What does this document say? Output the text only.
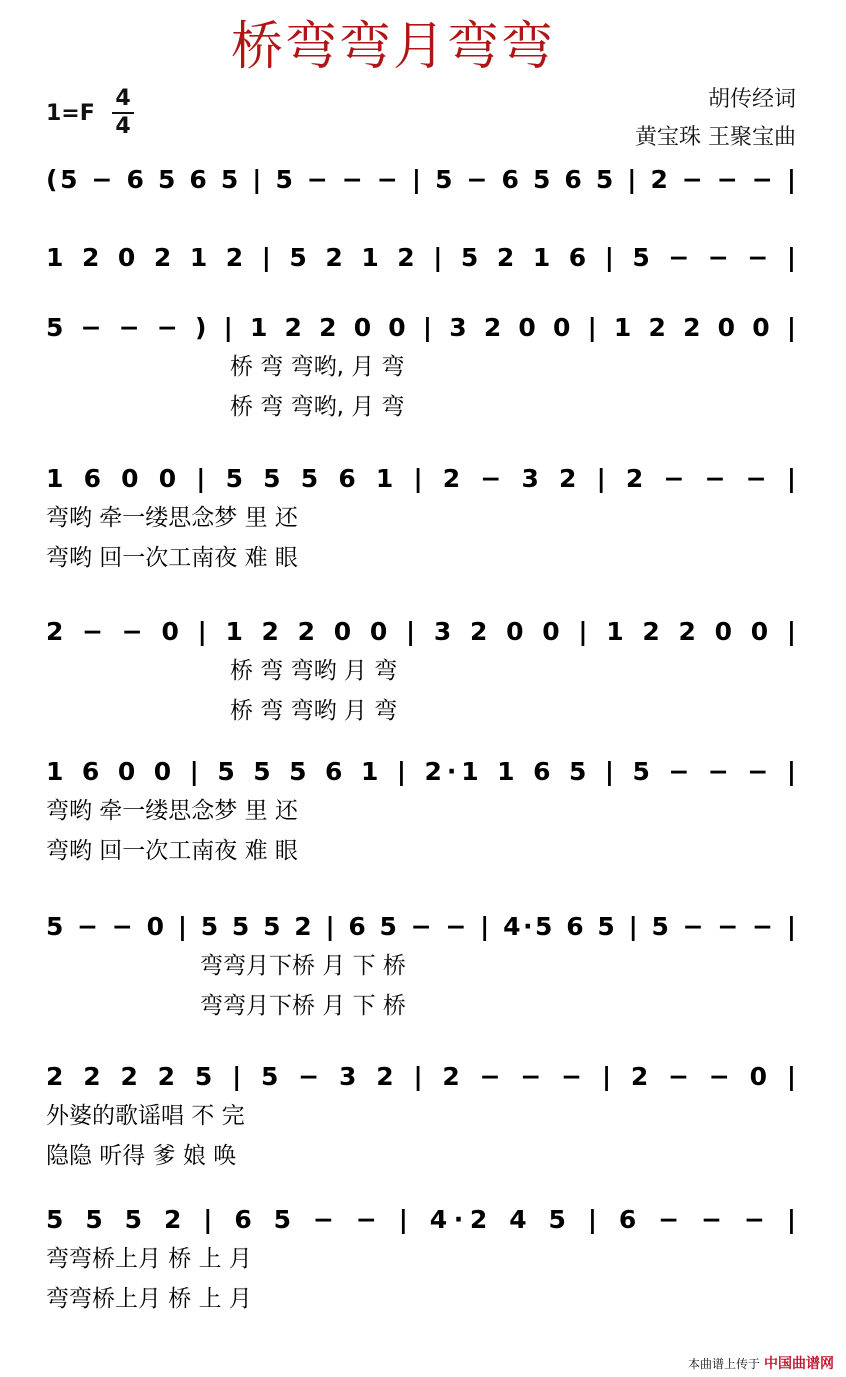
桥弯弯月弯弯
1=F
4
4
胡传经词
黄宝珠 王聚宝曲
(5 − 6 5 6 5 | 5 − − − | 5 − 6 5 6 5 | 2 − − − |
1 2 0 2 1 2 | 5 2 1 2 | 5 2 1 6 | 5 − − − |
5 − − − ) | 1 2 2 0 0 | 3 2 0 0 | 1 2 2 0 0 |
桥 弯 弯哟, 月 弯
桥 弯 弯哟, 月 弯
1 6 0 0 | 5 5 5 6 1 | 2 − 3 2 | 2 − − − |
弯哟 牵一缕思念梦 里 还
弯哟 回一次工南夜 难 眼
2 − − 0 | 1 2 2 0 0 | 3 2 0 0 | 1 2 2 0 0 |
桥 弯 弯哟 月 弯
桥 弯 弯哟 月 弯
1 6 0 0 | 5 5 5 6 1 | 2·1 1 6 5 | 5 − − − |
弯哟 牵一缕思念梦 里 还
弯哟 回一次工南夜 难 眼
5 − − 0 | 5 5 5 2 | 6 5 − − | 4·5 6 5 | 5 − − − |
弯弯月下桥 月 下 桥
弯弯月下桥 月 下 桥
2 2 2 2 5 | 5 − 3 2 | 2 − − − | 2 − − 0 |
外婆的歌谣唱 不 完
隐隐 听得 爹 娘 唤
5 5 5 2 | 6 5 − − | 4·2 4 5 | 6 − − − |
弯弯桥上月 桥 上 月
弯弯桥上月 桥 上 月
本曲谱上传于 中国曲谱网
